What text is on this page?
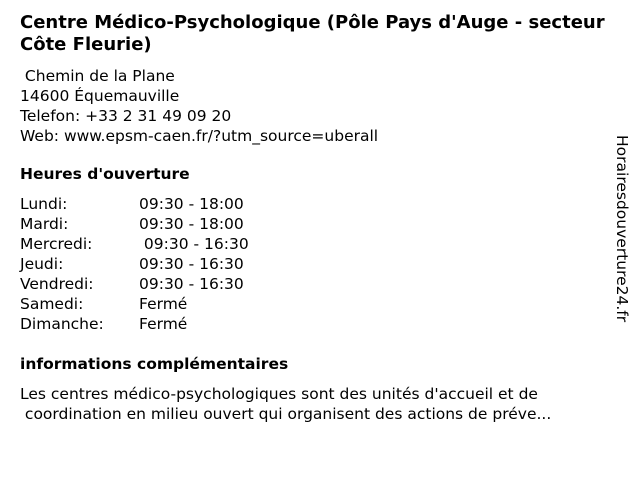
Centre Médico-Psychologique (Pôle Pays d'Auge - secteur Côte Fleurie)
Chemin de la Plane
14600 Équemauville
Telefon: +33 2 31 49 09 20
Web: www.epsm-caen.fr/?utm_source=uberall
Heures d'ouverture
Lundi:	09:30 - 18:00
Mardi:	09:30 - 18:00
Mercredi:	09:30 - 16:30
Jeudi:	09:30 - 16:30
Vendredi:	09:30 - 16:30
Samedi:	Fermé
Dimanche: Fermé
informations complémentaires
Les centres médico-psychologiques sont des unités d'accueil et de
coordination en milieu ouvert qui organisent des actions de préve...
Horairesdouverture24.fr
